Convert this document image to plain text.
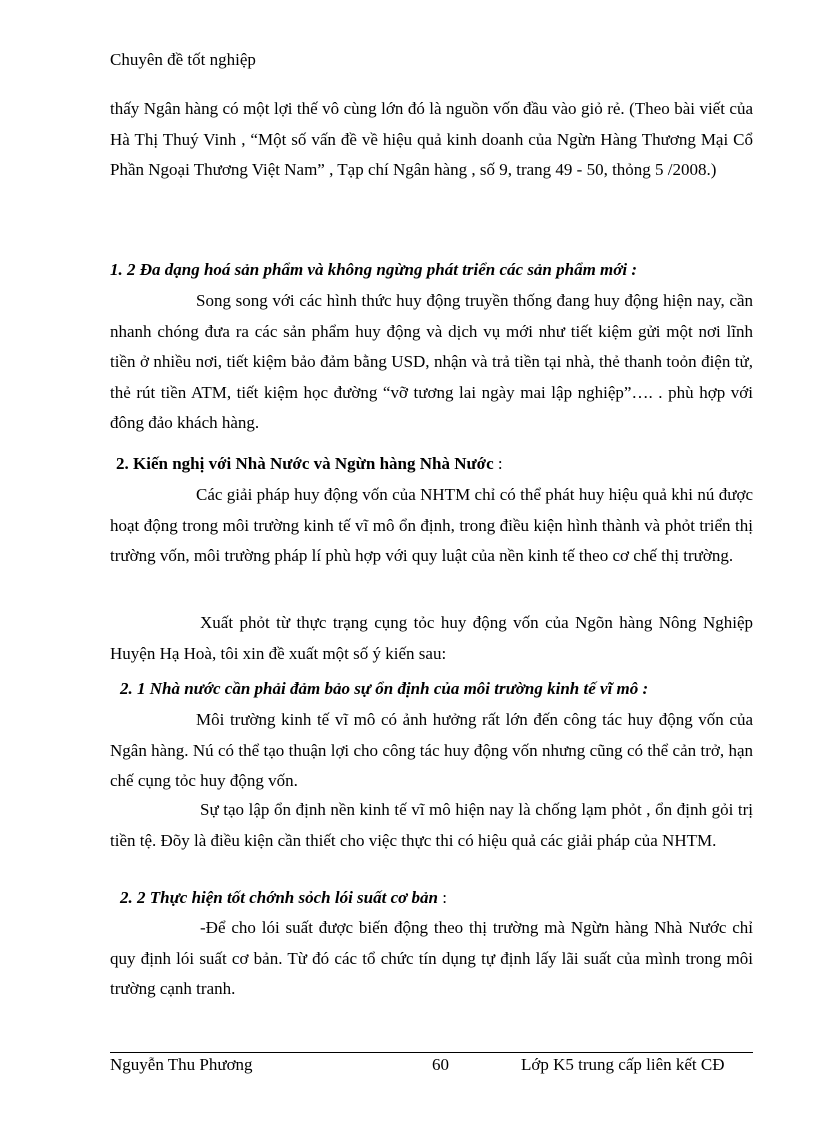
Chuyên đề tốt nghiệp
thấy Ngân hàng có một lợi thế vô cùng lớn đó là nguồn vốn đầu vào giỏ rẻ. (Theo bài viết của Hà Thị Thuý Vinh , “Một số vấn đề về hiệu quả kinh doanh của Ngừn Hàng Thương Mại Cổ Phần Ngoại Thương Việt Nam” , Tạp chí Ngân hàng , số 9, trang 49 - 50, thỏng 5 /2008.)
1. 2 Đa dạng hoá sản phẩm và không ngừng phát triển các sản phẩm mới :
Song song với các hình thức huy động truyền thống đang huy động hiện nay, cần nhanh chóng đưa ra các sản phẩm huy động và dịch vụ mới như tiết kiệm gửi một nơi lĩnh tiền ở nhiều nơi, tiết kiệm bảo đảm bằng USD, nhận và trả tiền tại nhà, thẻ thanh toỏn điện tử, thẻ rút tiền ATM, tiết kiệm học đường “vỡ tương lai ngày mai lập nghiệp”…. . phù hợp với đông đảo khách hàng.
2. Kiến nghị với Nhà Nước và Ngừn hàng Nhà Nước :
Các giải pháp huy động vốn của NHTM chỉ có thể phát huy hiệu quả khi nú được hoạt động trong môi trường kinh tế vĩ mô ổn định, trong điều kiện hình thành và phỏt triển thị trường vốn, môi trường pháp lí phù hợp với quy luật của nền kinh tế theo cơ chế thị trường.
Xuất phỏt từ thực trạng cụng tỏc huy động vốn của Ngõn hàng Nông Nghiệp Huyện Hạ Hoà, tôi xin đề xuất một số ý kiến sau:
2. 1 Nhà nước cần phải đảm bảo sự ổn định của môi trường kinh tế vĩ mô :
Môi trường kinh tế vĩ mô có ảnh hưởng rất lớn đến công tác huy động vốn của Ngân hàng. Nú có thể tạo thuận lợi cho công tác huy động vốn nhưng cũng có thể cản trở, hạn chế cụng tỏc huy động vốn.
Sự tạo lập ổn định nền kinh tế vĩ mô hiện nay là chống lạm phỏt , ổn định gỏi trị tiền tệ. Đõy là điều kiện cần thiết cho việc thực thi có hiệu quả các giải pháp của NHTM.
2. 2 Thực hiện tốt chớnh sỏch lói suất cơ bản :
-Để cho lói suất được biến động theo thị trường mà Ngừn hàng Nhà Nước chỉ quy định lói suất cơ bản. Từ đó các tổ chức tín dụng tự định lấy lãi suất của mình trong môi trường cạnh tranh.
Nguyễn Thu Phương	60	Lớp K5 trung cấp liên kết CĐ
